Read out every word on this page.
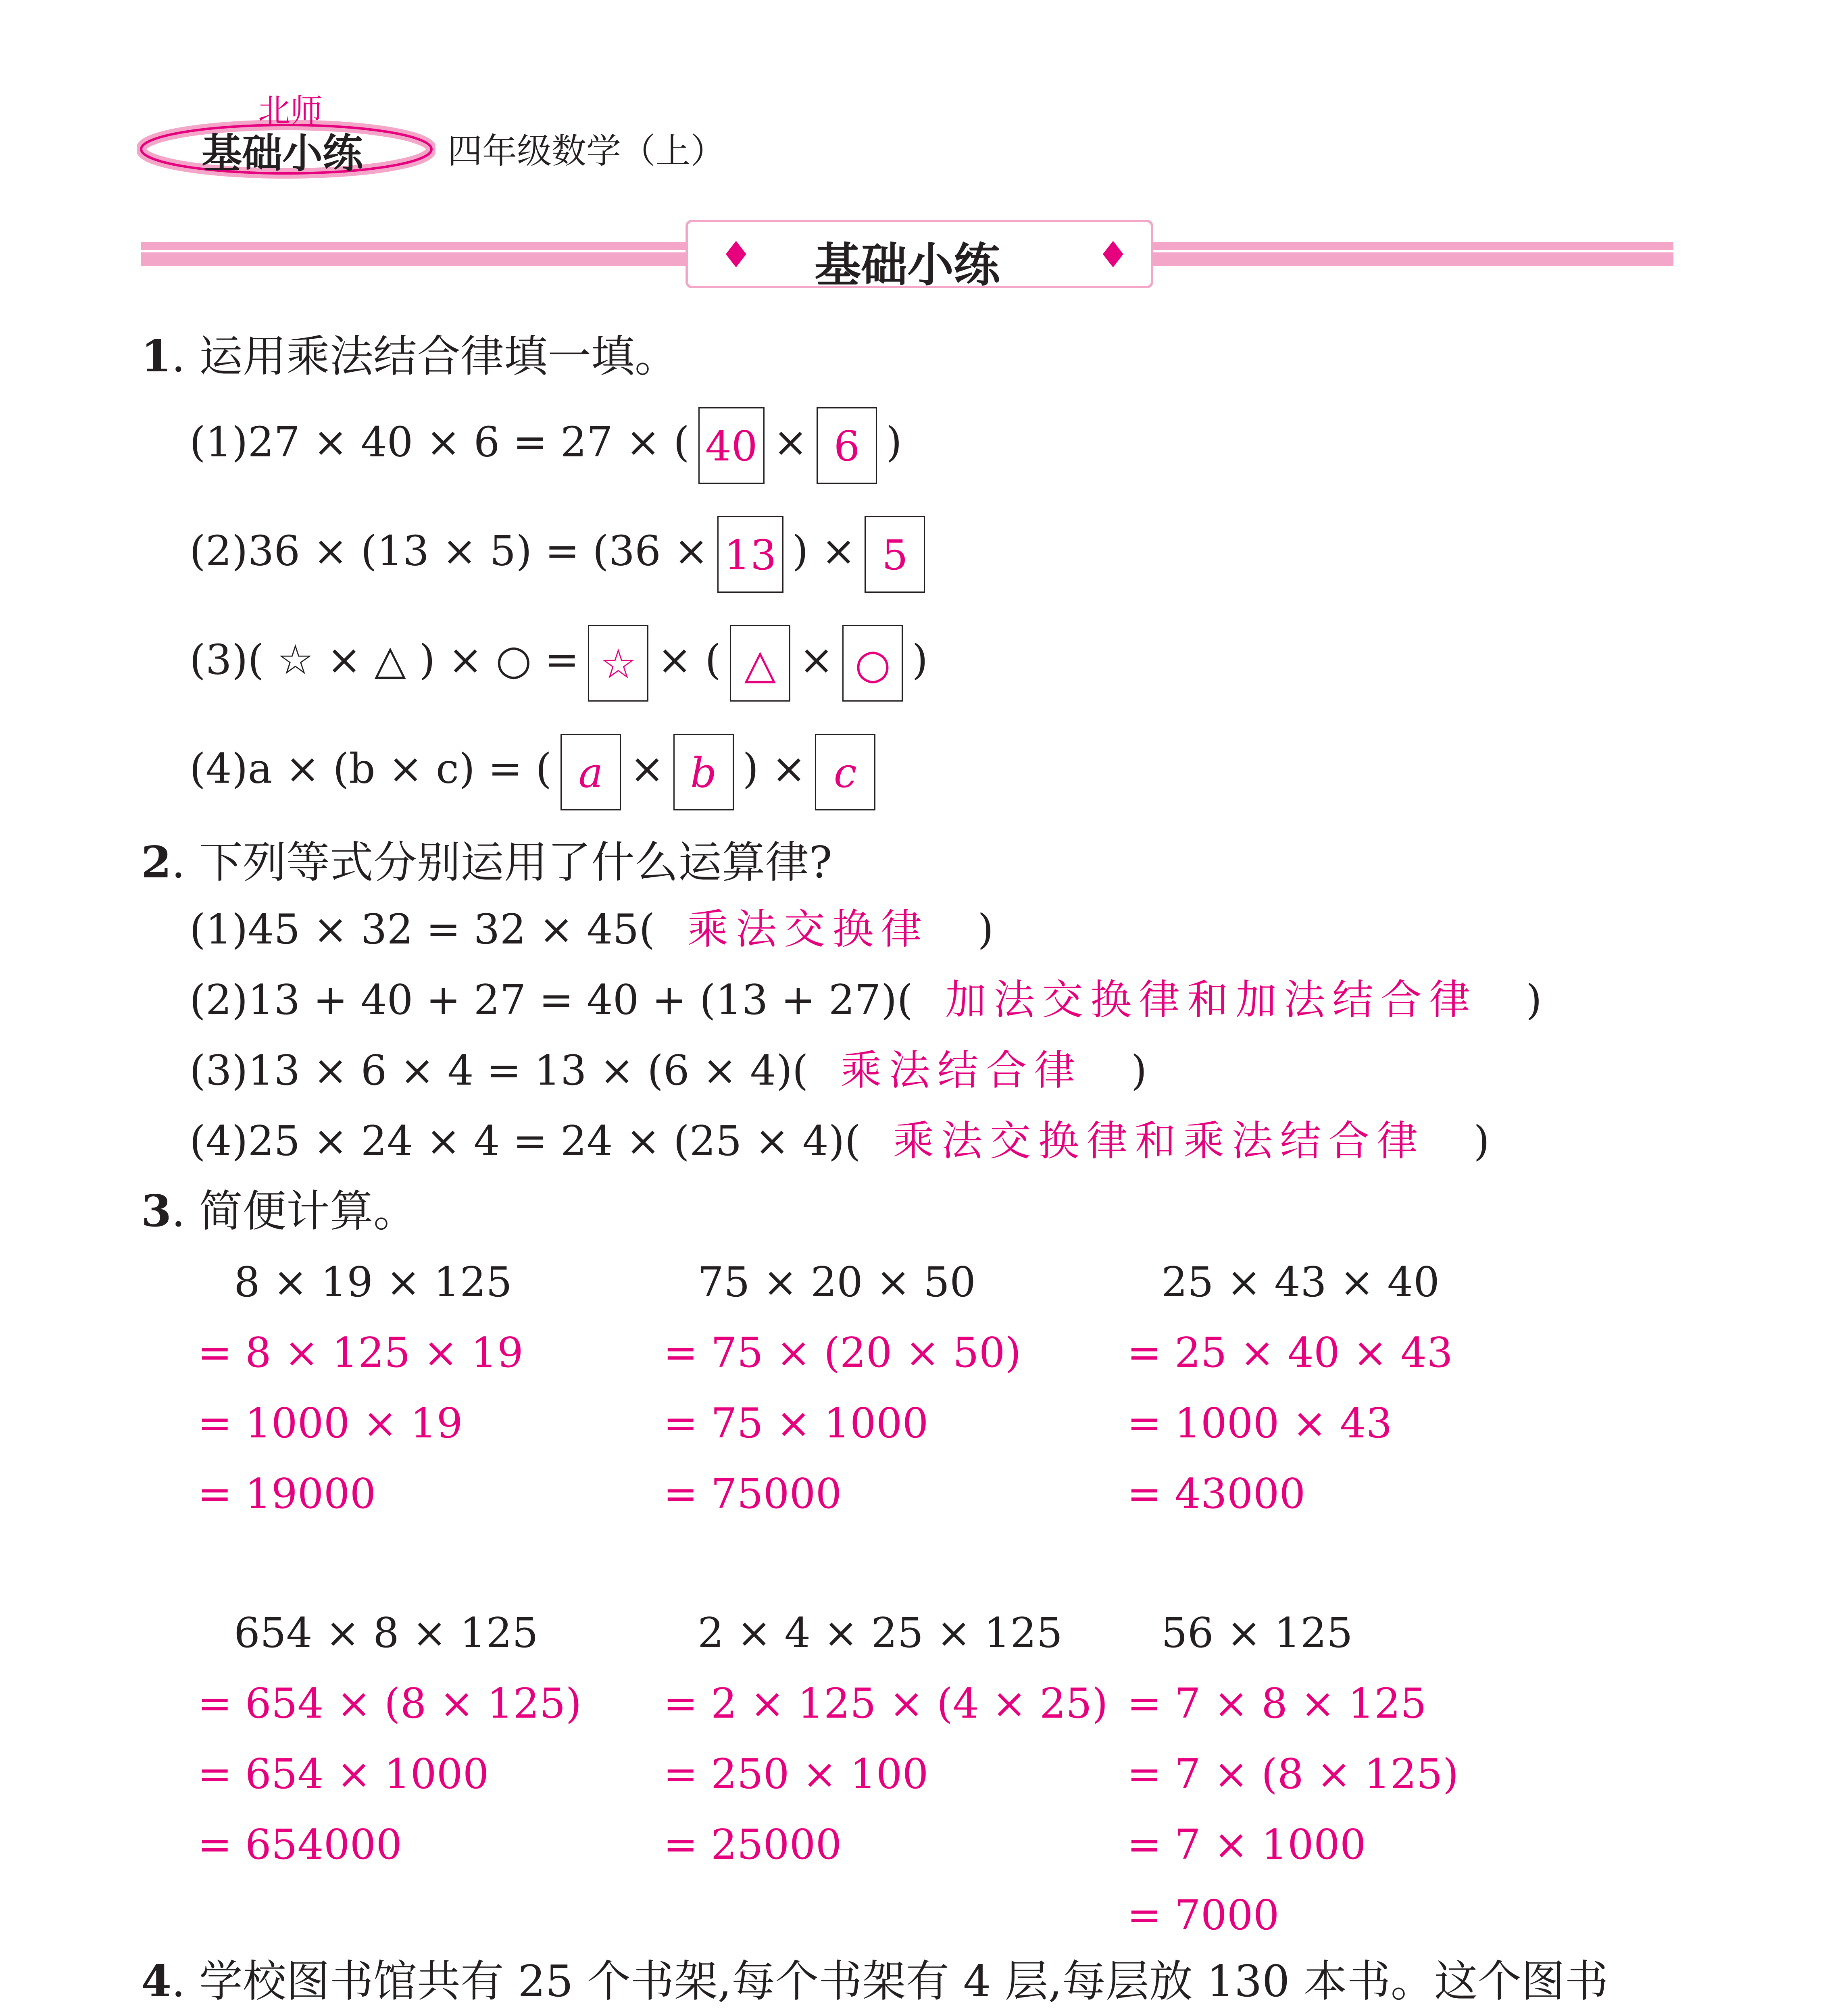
北师
基础小练 四年级数学（上）
♦	♦
基础小练
1. 运用乘法结合律填一填。
(1)27 × 40 × 6 = 27 × ( 40 × 6 )
(2)36 × (13 × 5) = (36 × 13 ) × 5
(3)( ☆ × △ ) × ○ = ☆ × ( △ × ○ )
(4)a × (b × c) = ( a × b ) × c
2. 下列等式分别运用了什么运算律?
(1)45 × 32 = 32 × 45( 乘法交换律 )
(2)13 + 40 + 27 = 40 + (13 + 27)( 加法交换律和加法结合律 )
(3)13 × 6 × 4 = 13 × (6 × 4)( 乘法结合律 )
(4)25 × 24 × 4 = 24 × (25 × 4)( 乘法交换律和乘法结合律 )
3. 简便计算。
8 × 19 × 125
= 8 × 125 × 19
= 1000 × 19
= 19000
75 × 20 × 50
= 75 × (20 × 50)
= 75 × 1000
= 75000
25 × 43 × 40
= 25 × 40 × 43
= 1000 × 43
= 43000
654 × 8 × 125
= 654 × (8 × 125)
= 654 × 1000
= 654000
2 × 4 × 25 × 125
= 2 × 125 × (4 × 25)
= 250 × 100
= 25000
56 × 125
= 7 × 8 × 125
= 7 × (8 × 125)
= 7 × 1000
= 7000
4. 学校图书馆共有 25 个书架,每个书架有 4 层,每层放 130 本书。这个图书
